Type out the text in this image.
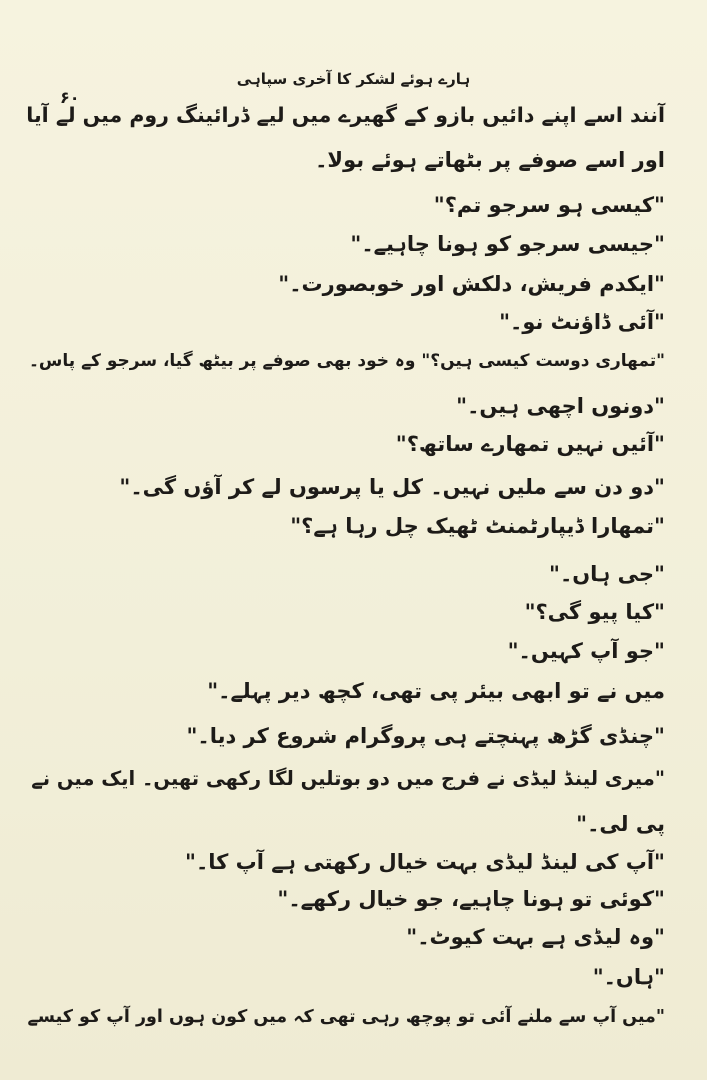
ہارے ہوئے لشکر کا آخری سپاہی
۶۰
آنند اسے اپنے دائیں بازو کے گھیرے میں لیے ڈرائینگ روم میں لے آیا
اور اسے صوفے پر بٹھاتے ہوئے بولا۔
"کیسی ہو سرجو تم؟"
"جیسی سرجو کو ہونا چاہیے۔"
"ایکدم فریش، دلکش اور خوبصورت۔"
"آئی ڈاؤنٹ نو۔"
"تمھاری دوست کیسی ہیں؟" وہ خود بھی صوفے پر بیٹھ گیا، سرجو کے پاس۔
"دونوں اچھی ہیں۔"
"آئیں نہیں تمھارے ساتھ؟"
"دو دن سے ملیں نہیں۔ کل یا پرسوں لے کر آؤں گی۔"
"تمھارا ڈیپارٹمنٹ ٹھیک چل رہا ہے؟"
"جی ہاں۔"
"کیا پیو گی؟"
"جو آپ کہیں۔"
میں نے تو ابھی بیئر پی تھی، کچھ دیر پہلے۔"
"چنڈی گڑھ پہنچتے ہی پروگرام شروع کر دیا۔"
"میری لینڈ لیڈی نے فرج میں دو بوتلیں لگا رکھی تھیں۔ ایک میں نے
پی لی۔"
"آپ کی لینڈ لیڈی بہت خیال رکھتی ہے آپ کا۔"
"کوئی تو ہونا چاہیے، جو خیال رکھے۔"
"وہ لیڈی ہے بہت کیوٹ۔"
"ہاں۔"
"میں آپ سے ملنے آئی تو پوچھ رہی تھی کہ میں کون ہوں اور آپ کو کیسے
